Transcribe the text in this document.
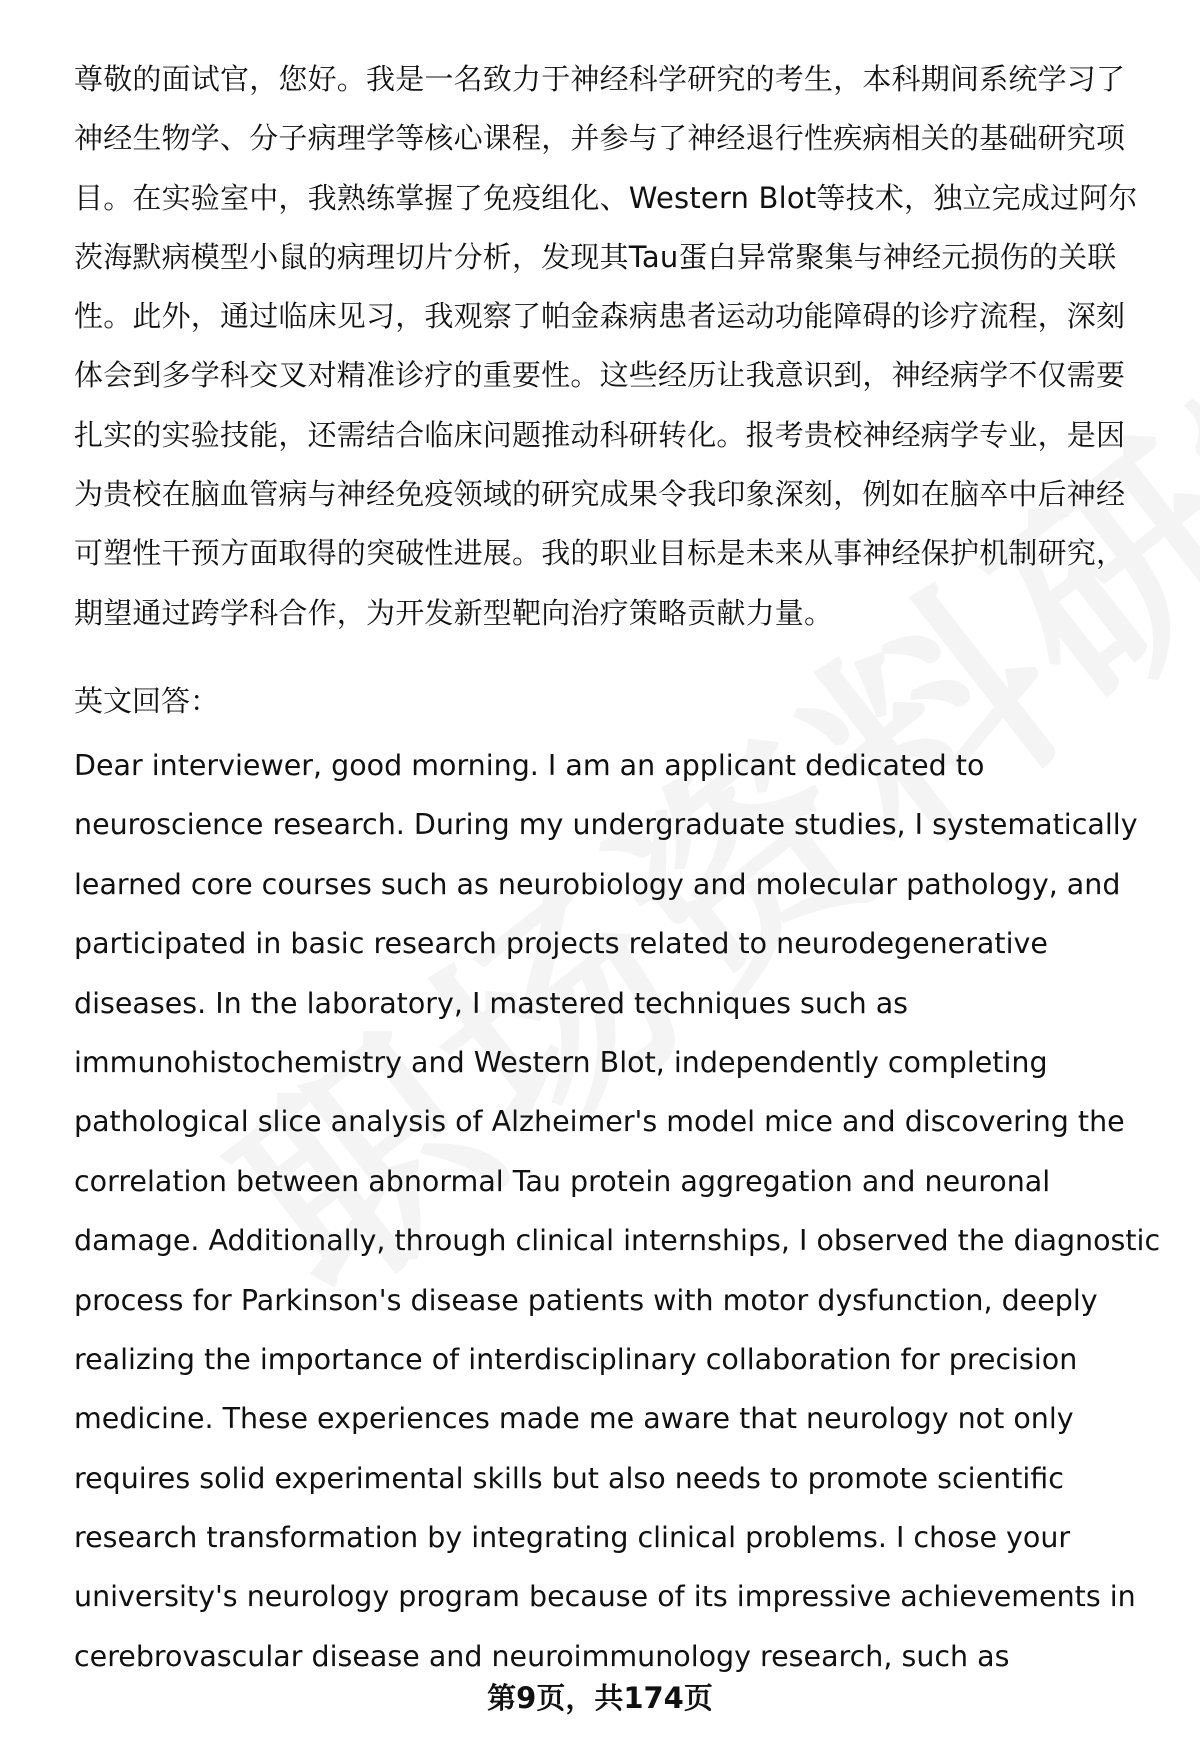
尊敬的面试官，您好。我是一名致力于神经科学研究的考生，本科期间系统学习了
神经生物学、分子病理学等核心课程，并参与了神经退行性疾病相关的基础研究项
目。在实验室中，我熟练掌握了免疫组化、Western Blot等技术，独立完成过阿尔
茨海默病模型小鼠的病理切片分析，发现其Tau蛋白异常聚集与神经元损伤的关联
性。此外，通过临床见习，我观察了帕金森病患者运动功能障碍的诊疗流程，深刻
体会到多学科交叉对精准诊疗的重要性。这些经历让我意识到，神经病学不仅需要
扎实的实验技能，还需结合临床问题推动科研转化。报考贵校神经病学专业，是因
为贵校在脑血管病与神经免疫领域的研究成果令我印象深刻，例如在脑卒中后神经
可塑性干预方面取得的突破性进展。我的职业目标是未来从事神经保护机制研究，
期望通过跨学科合作，为开发新型靶向治疗策略贡献力量。
英文回答：
Dear interviewer, good morning. I am an applicant dedicated to
neuroscience research. During my undergraduate studies, I systematically
learned core courses such as neurobiology and molecular pathology, and
participated in basic research projects related to neurodegenerative
diseases. In the laboratory, I mastered techniques such as
immunohistochemistry and Western Blot, independently completing
pathological slice analysis of Alzheimer's model mice and discovering the
correlation between abnormal Tau protein aggregation and neuronal
damage. Additionally, through clinical internships, I observed the diagnostic
process for Parkinson's disease patients with motor dysfunction, deeply
realizing the importance of interdisciplinary collaboration for precision
medicine. These experiences made me aware that neurology not only
requires solid experimental skills but also needs to promote scientific
research transformation by integrating clinical problems. I chose your
university's neurology program because of its impressive achievements in
cerebrovascular disease and neuroimmunology research, such as
第9页，共174页
